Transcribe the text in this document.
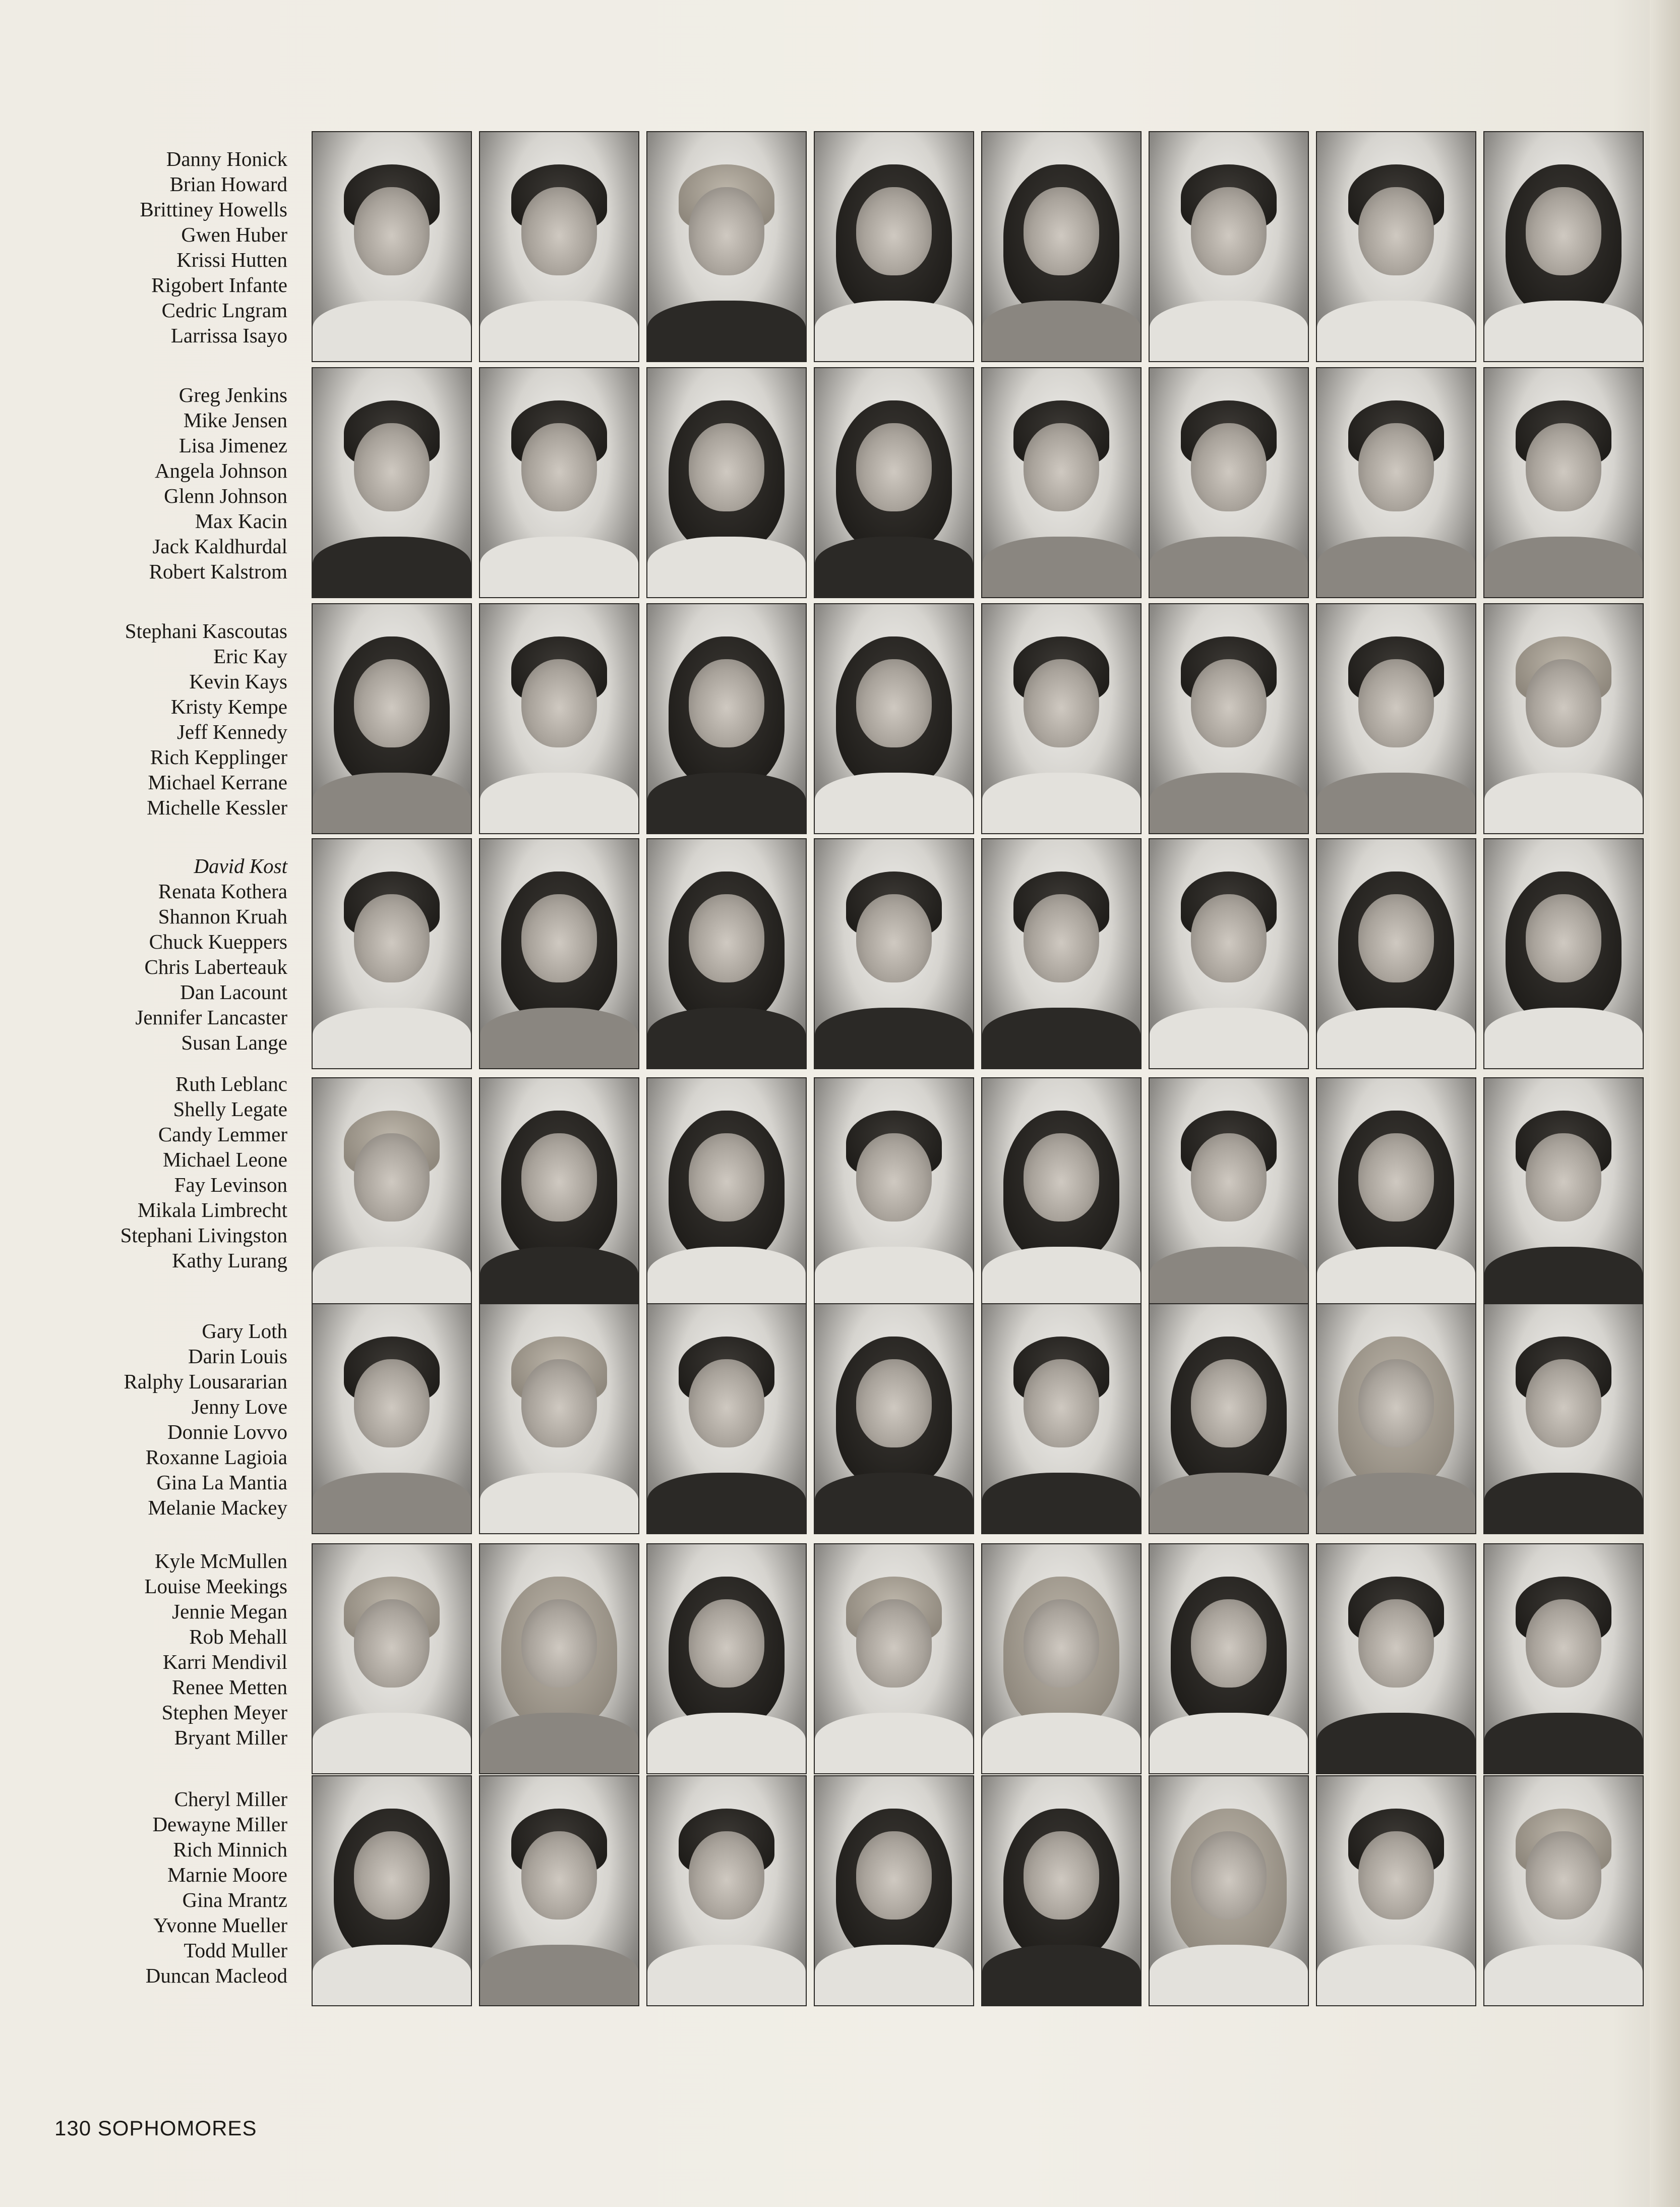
Danny Honick
Brian Howard
Brittiney Howells
Gwen Huber
Krissi Hutten
Rigobert Infante
Cedric Lngram
Larrissa Isayo
Greg Jenkins
Mike Jensen
Lisa Jimenez
Angela Johnson
Glenn Johnson
Max Kacin
Jack Kaldhurdal
Robert Kalstrom
Stephani Kascoutas
Eric Kay
Kevin Kays
Kristy Kempe
Jeff Kennedy
Rich Kepplinger
Michael Kerrane
Michelle Kessler
David Kost
Renata Kothera
Shannon Kruah
Chuck Kueppers
Chris Laberteauk
Dan Lacount
Jennifer Lancaster
Susan Lange
Ruth Leblanc
Shelly Legate
Candy Lemmer
Michael Leone
Fay Levinson
Mikala Limbrecht
Stephani Livingston
Kathy Lurang
Gary Loth
Darin Louis
Ralphy Lousararian
Jenny Love
Donnie Lovvo
Roxanne Lagioia
Gina La Mantia
Melanie Mackey
Kyle McMullen
Louise Meekings
Jennie Megan
Rob Mehall
Karri Mendivil
Renee Metten
Stephen Meyer
Bryant Miller
Cheryl Miller
Dewayne Miller
Rich Minnich
Marnie Moore
Gina Mrantz
Yvonne Mueller
Todd Muller
Duncan Macleod
130 SOPHOMORES
